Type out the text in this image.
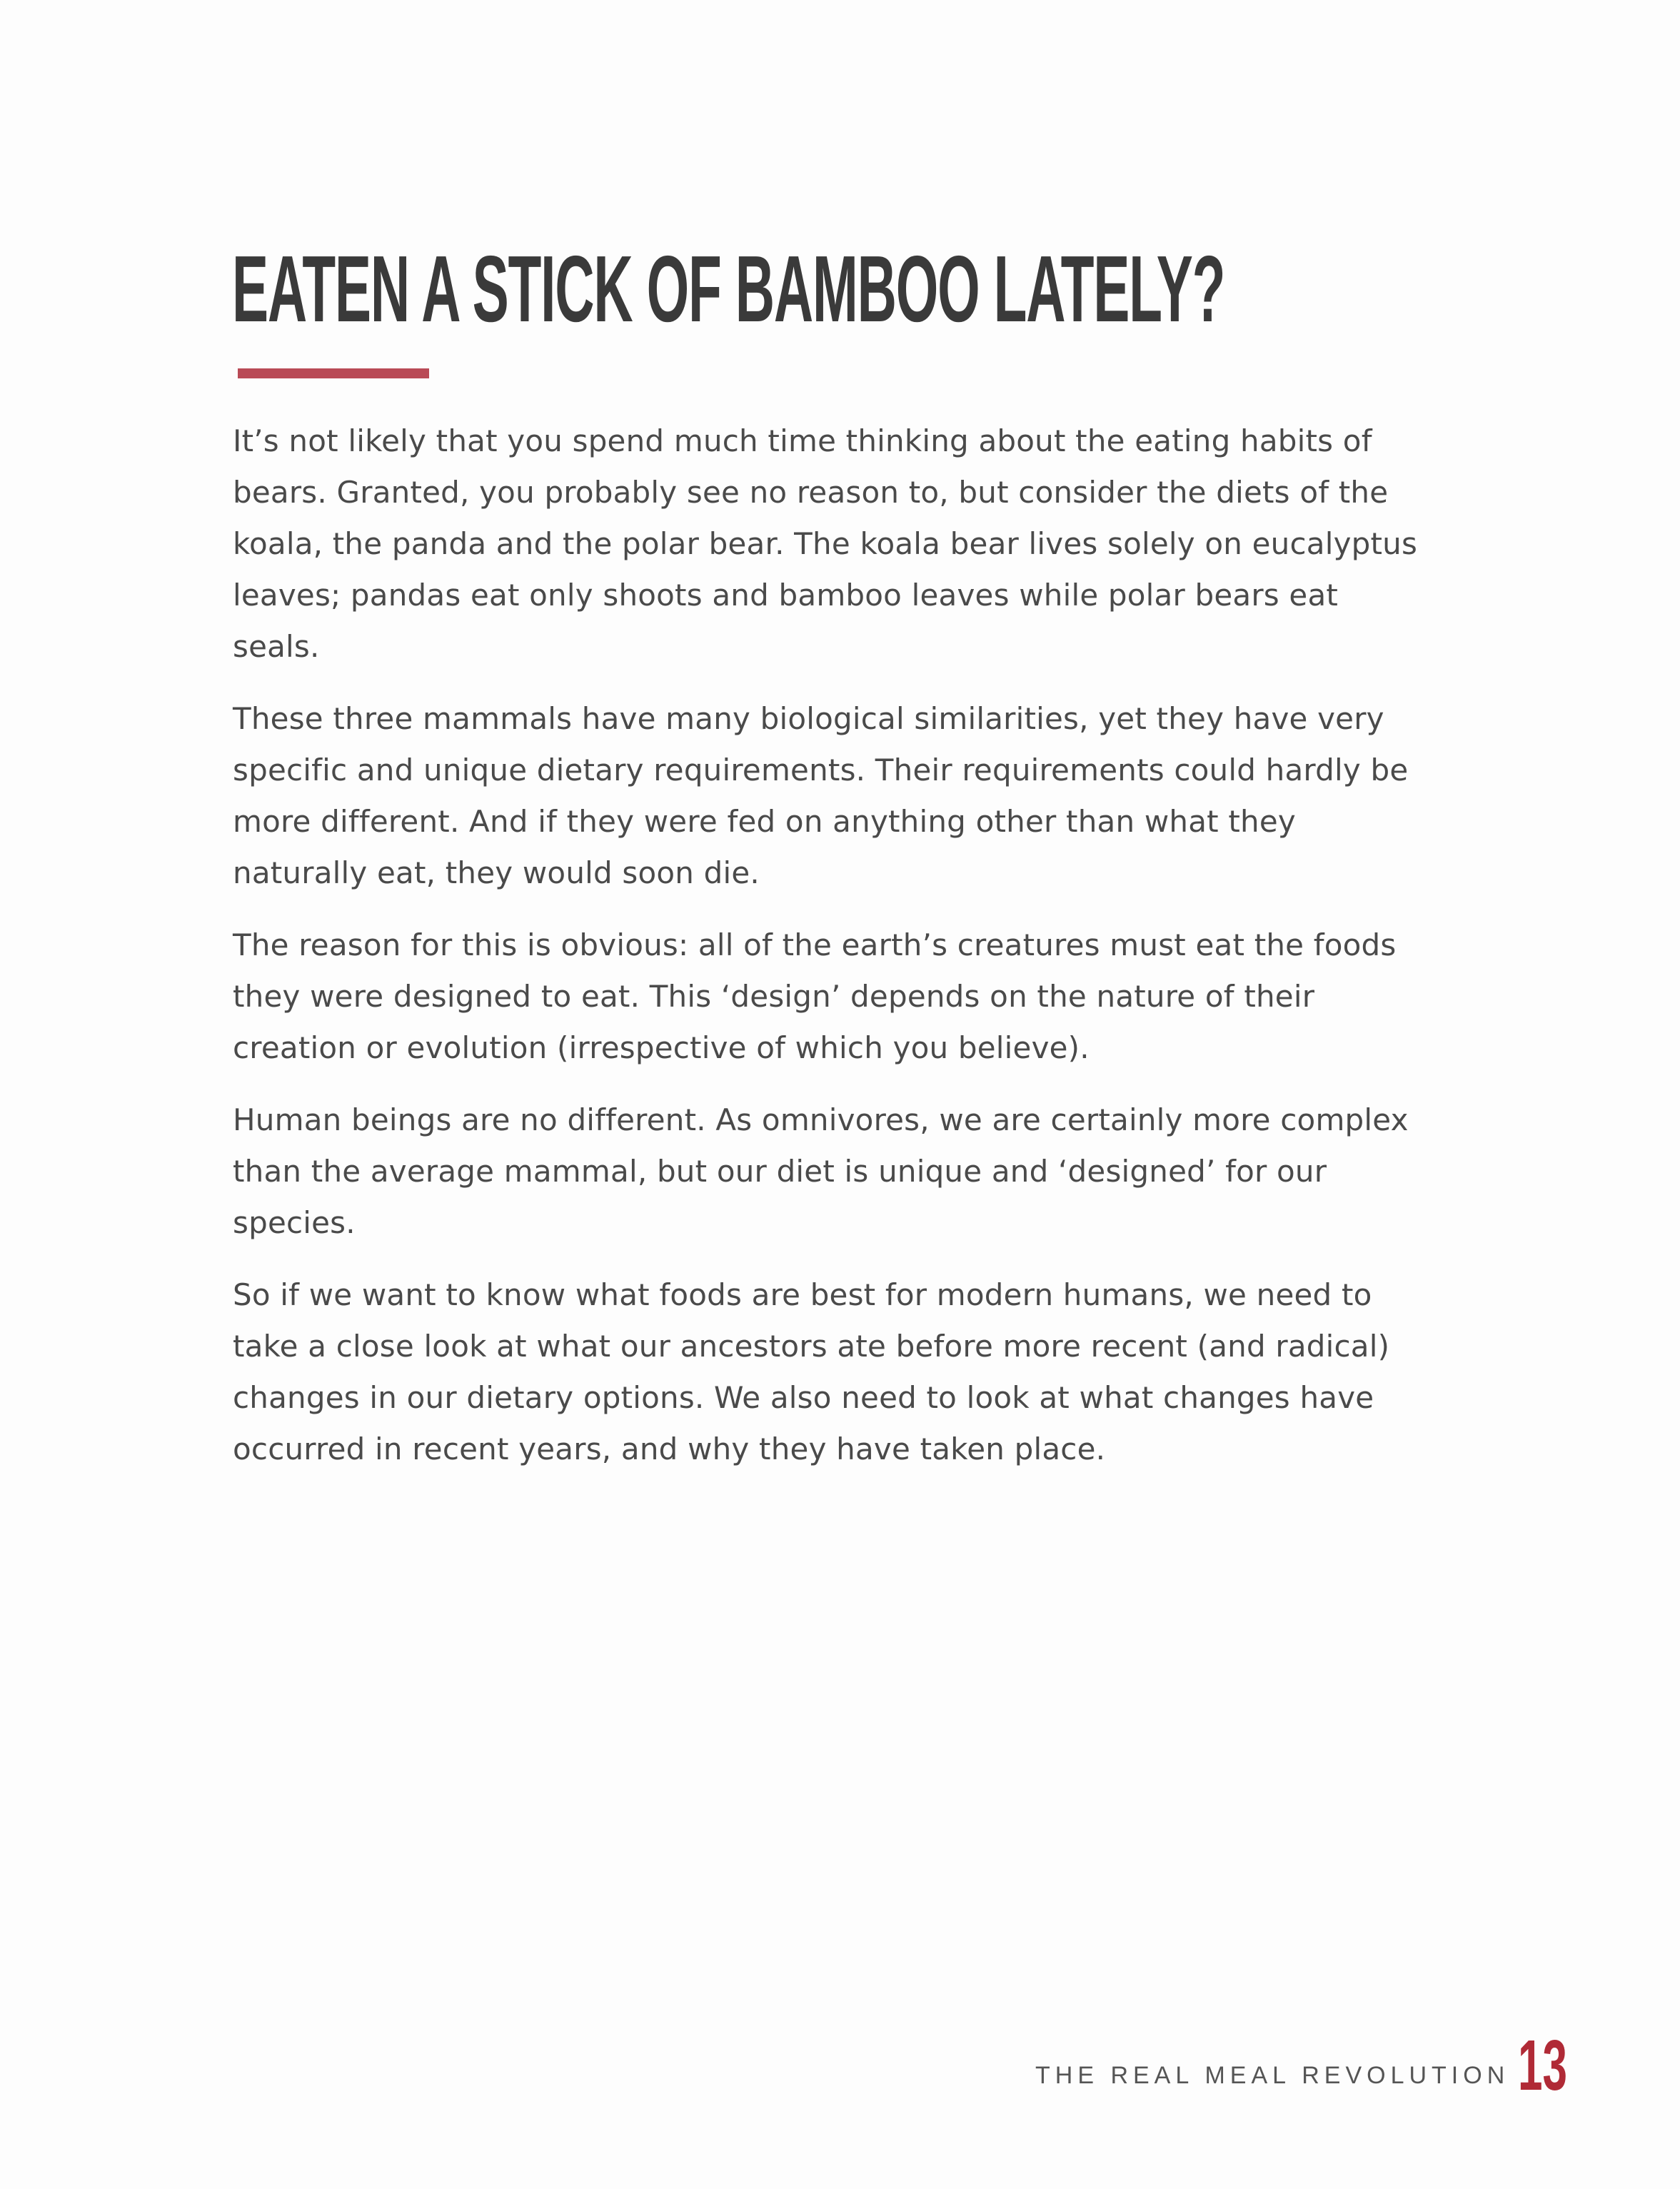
EATEN A STICK OF BAMBOO LATELY?

It’s not likely that you spend much time thinking about the eating habits of bears. Granted, you probably see no reason to, but consider the diets of the koala, the panda and the polar bear. The koala bear lives solely on eucalyptus leaves; pandas eat only shoots and bamboo leaves while polar bears eat seals.

These three mammals have many biological similarities, yet they have very specific and unique dietary requirements. Their requirements could hardly be more different. And if they were fed on anything other than what they naturally eat, they would soon die.

The reason for this is obvious: all of the earth’s creatures must eat the foods they were designed to eat. This ‘design’ depends on the nature of their creation or evolution (irrespective of which you believe).

Human beings are no different. As omnivores, we are certainly more complex than the average mammal, but our diet is unique and ‘designed’ for our species.

So if we want to know what foods are best for modern humans, we need to take a close look at what our ancestors ate before more recent (and radical) changes in our dietary options. We also need to look at what changes have occurred in recent years, and why they have taken place.

THE REAL MEAL REVOLUTION 13
